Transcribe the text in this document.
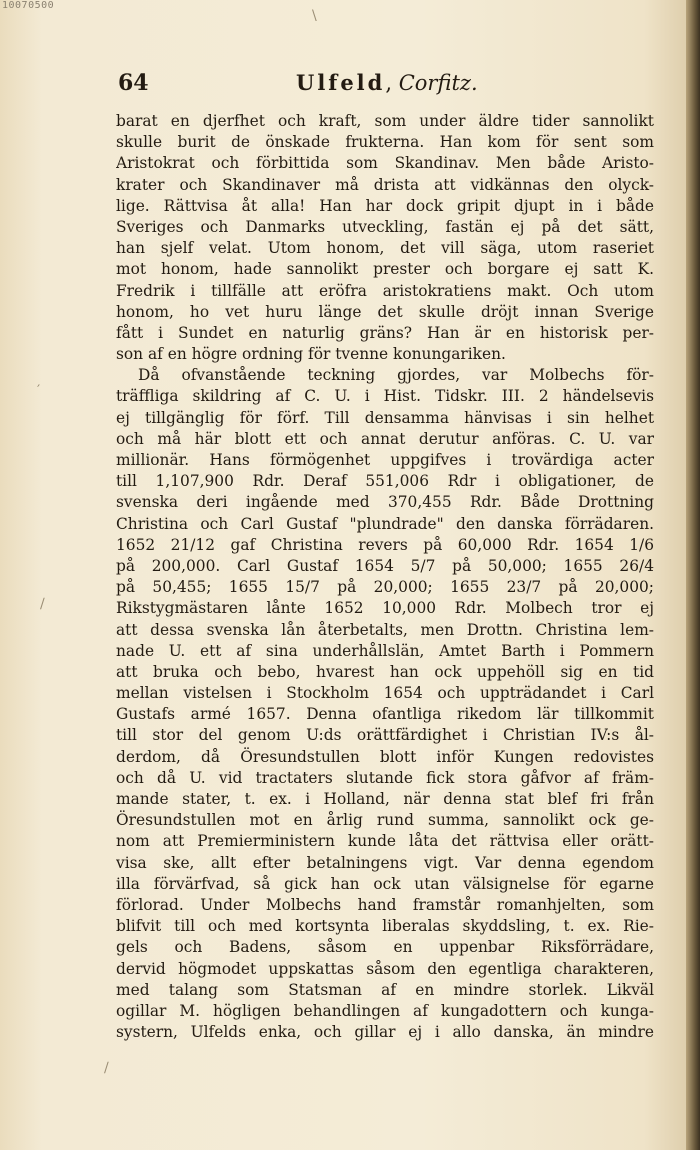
10070500
\
′
∕
∕
64	Ulfeld, Corfitz.
barat en djerfhet och kraft, som under äldre tider sannolikt
skulle burit de önskade frukterna. Han kom för sent som
Aristokrat och förbittida som Skandinav. Men både Aristo-
krater och Skandinaver må drista att vidkännas den olyck-
lige. Rättvisa åt alla! Han har dock gripit djupt in i både
Sveriges och Danmarks utveckling, fastän ej på det sätt,
han sjelf velat. Utom honom, det vill säga, utom raseriet
mot honom, hade sannolikt prester och borgare ej satt K.
Fredrik i tillfälle att eröfra aristokratiens makt. Och utom
honom, ho vet huru länge det skulle dröjt innan Sverige
fått i Sundet en naturlig gräns? Han är en historisk per-
son af en högre ordning för tvenne konungariken.
Då ofvanstående teckning gjordes, var Molbechs för-
träffliga skildring af C. U. i Hist. Tidskr. III. 2 händelsevis
ej tillgänglig för förf. Till densamma hänvisas i sin helhet
och må här blott ett och annat derutur anföras. C. U. var
millionär. Hans förmögenhet uppgifves i trovärdiga acter
till 1,107,900 Rdr. Deraf 551,006 Rdr i obligationer, de
svenska deri ingående med 370,455 Rdr. Både Drottning
Christina och Carl Gustaf "plundrade" den danska förrädaren.
1652 21/12 gaf Christina revers på 60,000 Rdr. 1654 1/6
på 200,000. Carl Gustaf 1654 5/7 på 50,000; 1655 26/4
på 50,455; 1655 15/7 på 20,000; 1655 23/7 på 20,000;
Rikstygmästaren lånte 1652 10,000 Rdr. Molbech tror ej
att dessa svenska lån återbetalts, men Drottn. Christina lem-
nade U. ett af sina underhållslän, Amtet Barth i Pommern
att bruka och bebo, hvarest han ock uppehöll sig en tid
mellan vistelsen i Stockholm 1654 och uppträdandet i Carl
Gustafs armé 1657. Denna ofantliga rikedom lär tillkommit
till stor del genom U:ds orättfärdighet i Christian IV:s ål-
derdom, då Öresundstullen blott inför Kungen redovistes
och då U. vid tractaters slutande fick stora gåfvor af främ-
mande stater, t. ex. i Holland, när denna stat blef fri från
Öresundstullen mot en årlig rund summa, sannolikt ock ge-
nom att Premierministern kunde låta det rättvisa eller orätt-
visa ske, allt efter betalningens vigt. Var denna egendom
illa förvärfvad, så gick han ock utan välsignelse för egarne
förlorad. Under Molbechs hand framstår romanhjelten, som
blifvit till och med kortsynta liberalas skyddsling, t. ex. Rie-
gels och Badens, såsom en uppenbar Riksförrädare,
dervid högmodet uppskattas såsom den egentliga charakteren,
med talang som Statsman af en mindre storlek. Likväl
ogillar M. högligen behandlingen af kungadottern och kunga-
systern, Ulfelds enka, och gillar ej i allo danska, än mindre
